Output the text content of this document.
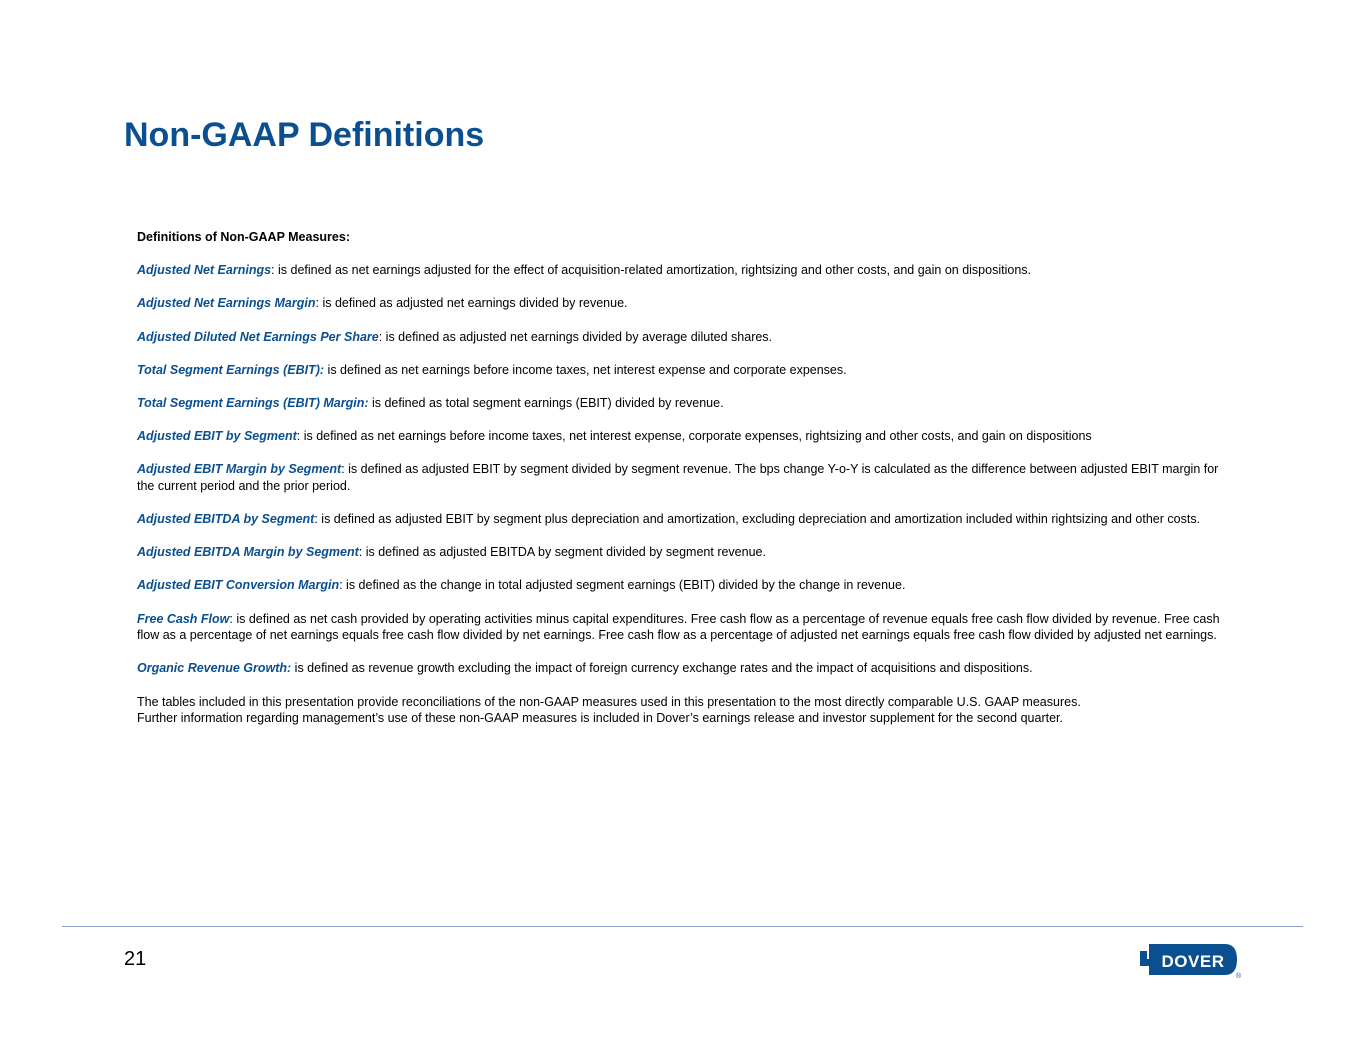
Non-GAAP Definitions

Definitions of Non-GAAP Measures:

Adjusted Net Earnings: is defined as net earnings adjusted for the effect of acquisition-related amortization, rightsizing and other costs, and gain on dispositions.

Adjusted Net Earnings Margin: is defined as adjusted net earnings divided by revenue.

Adjusted Diluted Net Earnings Per Share: is defined as adjusted net earnings divided by average diluted shares.

Total Segment Earnings (EBIT): is defined as net earnings before income taxes, net interest expense and corporate expenses.

Total Segment Earnings (EBIT) Margin: is defined as total segment earnings (EBIT) divided by revenue.

Adjusted EBIT by Segment: is defined as net earnings before income taxes, net interest expense, corporate expenses, rightsizing and other costs, and gain on dispositions

Adjusted EBIT Margin by Segment: is defined as adjusted EBIT by segment divided by segment revenue. The bps change Y-o-Y is calculated as the difference between adjusted EBIT margin for the current period and the prior period.

Adjusted EBITDA by Segment: is defined as adjusted EBIT by segment plus depreciation and amortization, excluding depreciation and amortization included within rightsizing and other costs.

Adjusted EBITDA Margin by Segment: is defined as adjusted EBITDA by segment divided by segment revenue.

Adjusted EBIT Conversion Margin: is defined as the change in total adjusted segment earnings (EBIT) divided by the change in revenue.

Free Cash Flow: is defined as net cash provided by operating activities minus capital expenditures. Free cash flow as a percentage of revenue equals free cash flow divided by revenue. Free cash flow as a percentage of net earnings equals free cash flow divided by net earnings. Free cash flow as a percentage of adjusted net earnings equals free cash flow divided by adjusted net earnings.

Organic Revenue Growth: is defined as revenue growth excluding the impact of foreign currency exchange rates and the impact of acquisitions and dispositions.

The tables included in this presentation provide reconciliations of the non-GAAP measures used in this presentation to the most directly comparable U.S. GAAP measures.
Further information regarding management’s use of these non-GAAP measures is included in Dover’s earnings release and investor supplement for the second quarter.

21	DOVER
®
